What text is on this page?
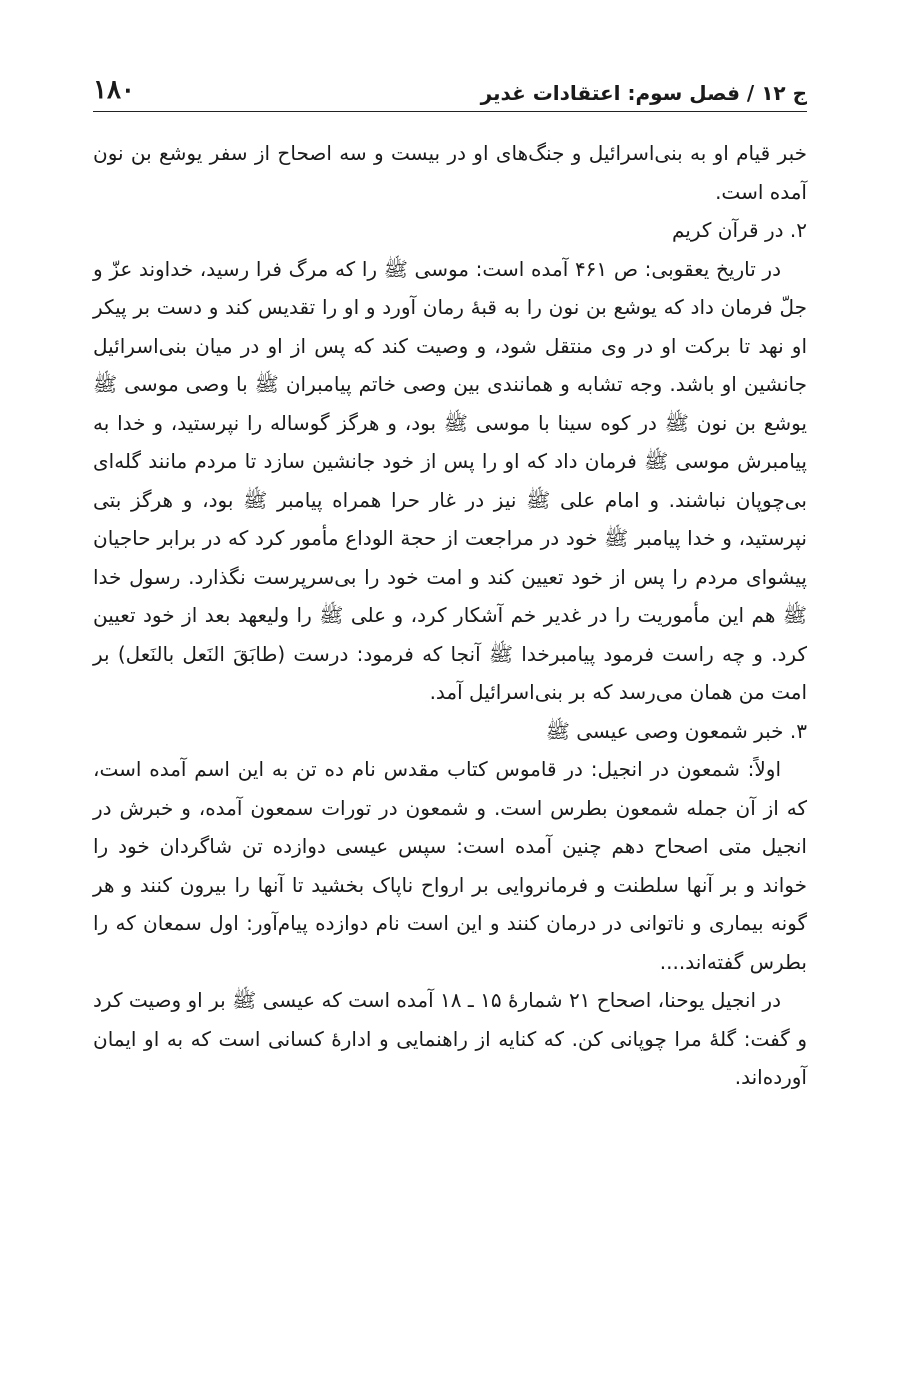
ج ۱۲ / فصل سوم: اعتقادات غدیر
۱۸۰

خبر قیام او به بنی‌اسرائیل و جنگ‌های او در بیست و سه اصحاح از سفر یوشع بن نون آمده است.

۲. در قرآن کریم

در تاریخ یعقوبی: ص ۴۶۱ آمده است: موسی ﷺ را که مرگ فرا رسید، خداوند عزّ و جلّ فرمان داد که یوشع بن نون را به قبهٔ رمان آورد و او را تقدیس کند و دست بر پیکر او نهد تا برکت او در وی منتقل شود، و وصیت کند که پس از او در میان بنی‌اسرائیل جانشین او باشد. وجه تشابه و همانندی بین وصی خاتم پیامبران ﷺ با وصی موسی ﷺ یوشع بن نون ﷺ در کوه سینا با موسی ﷺ بود، و هرگز گوساله را نپرستید، و خدا به پیامبرش موسی ﷺ فرمان داد که او را پس از خود جانشین سازد تا مردم مانند گله‌ای بی‌چوپان نباشند. و امام علی ﷺ نیز در غار حرا همراه پیامبر ﷺ بود، و هرگز بتی نپرستید، و خدا پیامبر ﷺ خود در مراجعت از حجة الوداع مأمور کرد که در برابر حاجیان پیشوای مردم را پس از خود تعیین کند و امت خود را بی‌سرپرست نگذارد. رسول خدا ﷺ هم این مأموریت را در غدیر خم آشکار کرد، و علی ﷺ را ولیعهد بعد از خود تعیین کرد. و چه راست فرمود پیامبرخدا ﷺ آنجا که فرمود: درست (طابَقَ النَعل بالنَعل) بر امت من همان می‌رسد که بر بنی‌اسرائیل آمد.

۳. خبر شمعون وصی عیسی ﷺ

اولاً: شمعون در انجیل: در قاموس کتاب مقدس نام ده تن به این اسم آمده است، که از آن جمله شمعون بطرس است. و شمعون در تورات سمعون آمده، و خبرش در انجیل متی اصحاح دهم چنین آمده است: سپس عیسی دوازده تن شاگردان خود را خواند و بر آنها سلطنت و فرمانروایی بر ارواح ناپاک بخشید تا آنها را بیرون کنند و هر گونه بیماری و ناتوانی در درمان کنند و این است نام دوازده پیام‌آور: اول سمعان که را بطرس گفته‌اند....

در انجیل یوحنا، اصحاح ۲۱ شمارهٔ ۱۵ ـ ۱۸ آمده است که عیسی ﷺ بر او وصیت کرد و گفت: گلهٔ مرا چوپانی کن. که کنایه از راهنمایی و ادارهٔ کسانی است که به او ایمان آورده‌اند.
